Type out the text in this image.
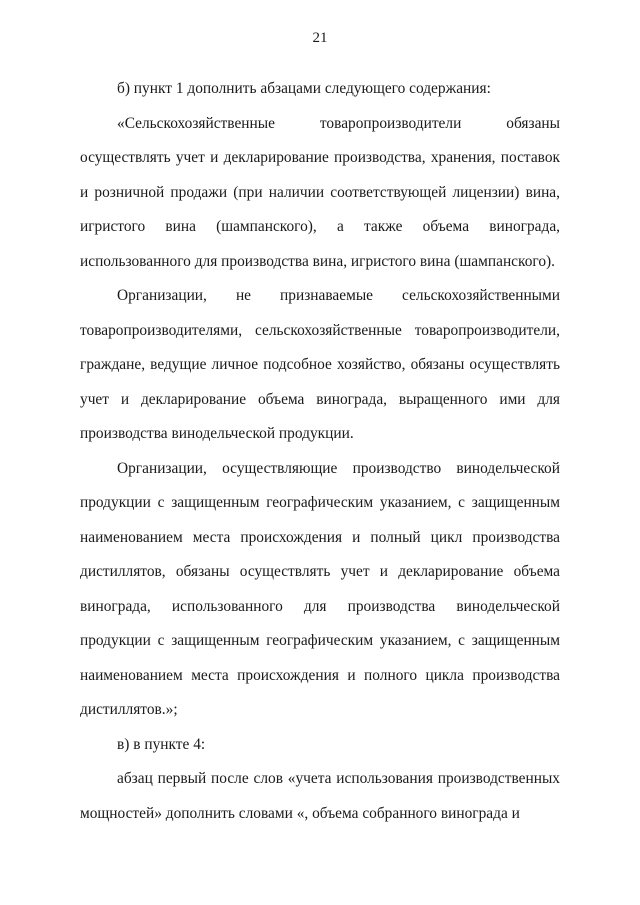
21

б) пункт 1 дополнить абзацами следующего содержания:

«Сельскохозяйственные товаропроизводители обязаны осуществлять учет и декларирование производства, хранения, поставок и розничной продажи (при наличии соответствующей лицензии) вина, игристого вина (шампанского), а также объема винограда, использованного для производства вина, игристого вина (шампанского).

Организации, не признаваемые сельскохозяйственными товаропроизводителями, сельскохозяйственные товаропроизводители, граждане, ведущие личное подсобное хозяйство, обязаны осуществлять учет и декларирование объема винограда, выращенного ими для производства винодельческой продукции.

Организации, осуществляющие производство винодельческой продукции с защищенным географическим указанием, с защищенным наименованием места происхождения и полный цикл производства дистиллятов, обязаны осуществлять учет и декларирование объема винограда, использованного для производства винодельческой продукции с защищенным географическим указанием, с защищенным наименованием места происхождения и полного цикла производства дистиллятов.»;

в) в пункте 4:

абзац первый после слов «учета использования производственных мощностей» дополнить словами «, объема собранного винограда и
